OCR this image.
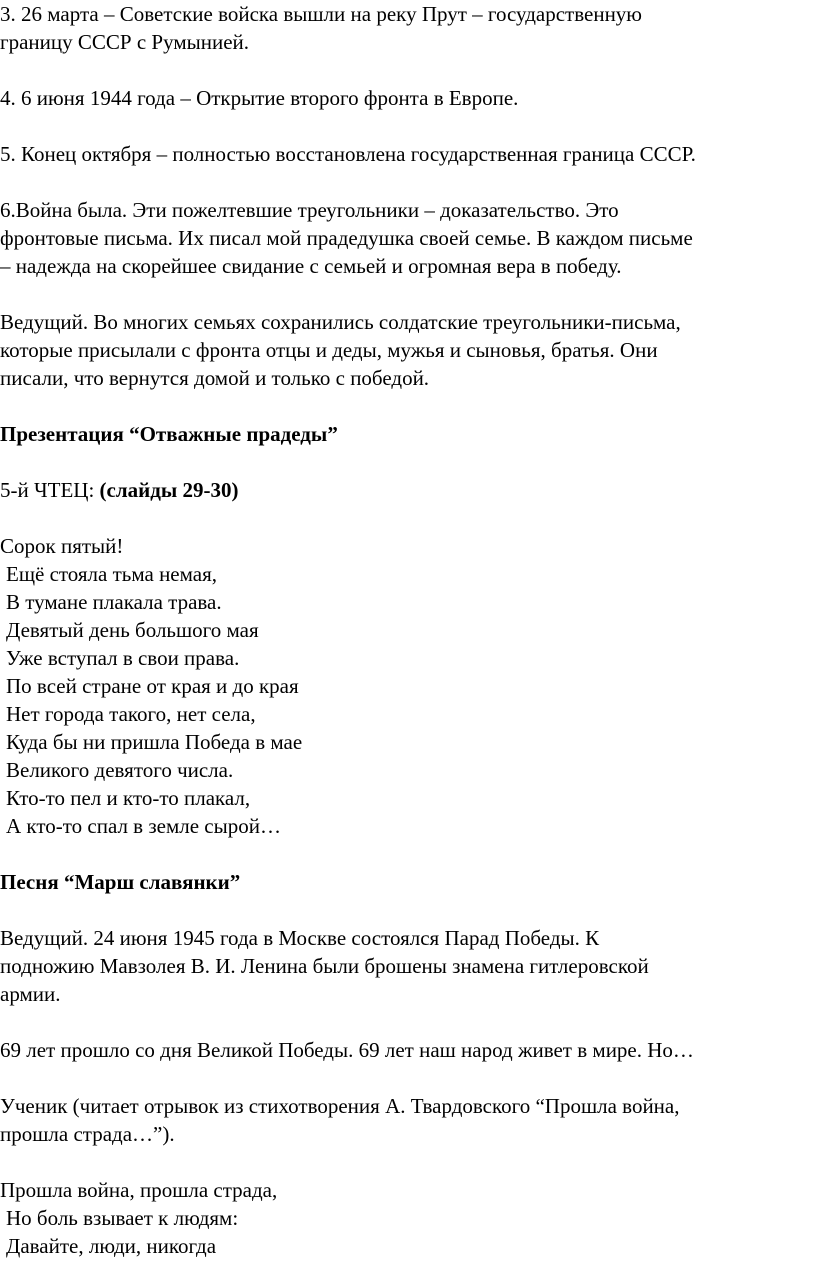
3. 26 марта – Советские войска вышли на реку Прут – государственную
границу СССР с Румынией.
4. 6 июня 1944 года – Открытие второго фронта в Европе.
5. Конец октября – полностью восстановлена государственная граница СССР.
6.Война была. Эти пожелтевшие треугольники – доказательство. Это
фронтовые письма. Их писал мой прадедушка своей семье. В каждом письме
– надежда на скорейшее свидание с семьей и огромная вера в победу.
Ведущий. Во многих семьях сохранились солдатские треугольники-письма,
которые присылали с фронта отцы и деды, мужья и сыновья, братья. Они
писали, что вернутся домой и только с победой.
Презентация “Отважные прадеды”
5-й ЧТЕЦ: (слайды 29-30)
Сорок пятый!
Ещё стояла тьма немая,
В тумане плакала трава.
Девятый день большого мая
Уже вступал в свои права.
По всей стране от края и до края
Нет города такого, нет села,
Куда бы ни пришла Победа в мае
Великого девятого числа.
Кто-то пел и кто-то плакал,
А кто-то спал в земле сырой…
Песня “Марш славянки”
Ведущий. 24 июня 1945 года в Москве состоялся Парад Победы. К
подножию Мавзолея В. И. Ленина были брошены знамена гитлеровской
армии.
69 лет прошло со дня Великой Победы. 69 лет наш народ живет в мире. Но…
Ученик (читает отрывок из стихотворения А. Твардовского “Прошла война,
прошла страда…”).
Прошла война, прошла страда,
Но боль взывает к людям:
Давайте, люди, никогда
